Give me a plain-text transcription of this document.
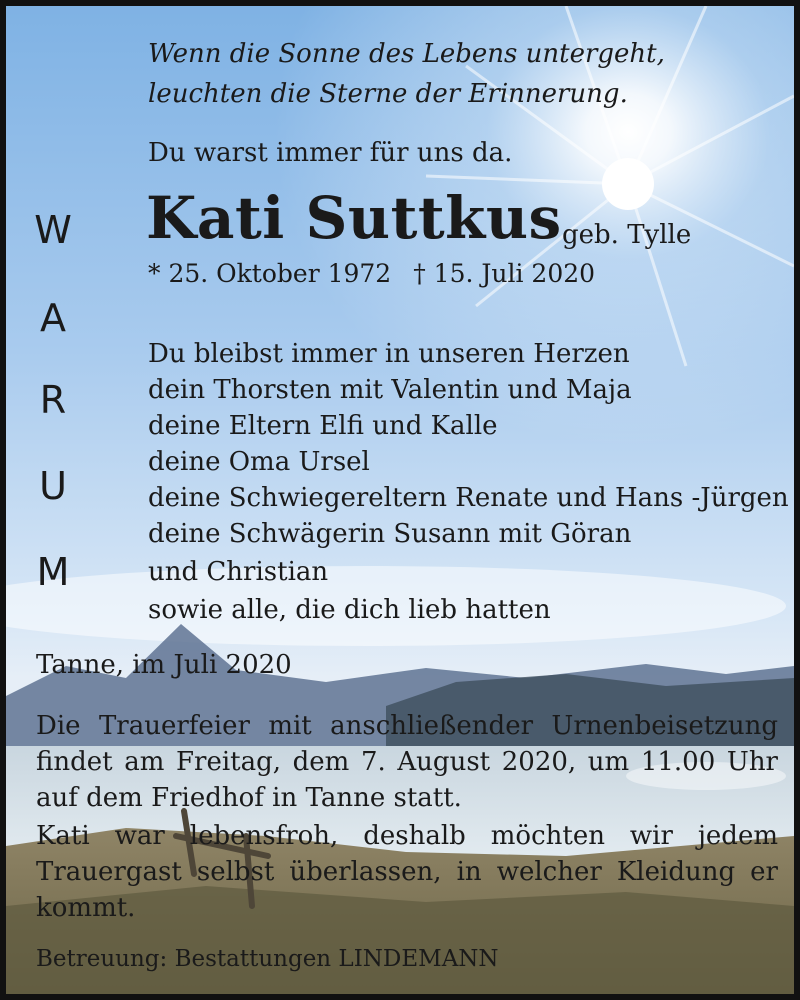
Wenn die Sonne des Lebens untergeht,
leuchten die Sterne der Erinnerung.
Du warst immer für uns da.
Kati Suttkus geb. Tylle
* 25. Oktober 1972 † 15. Juli 2020
W
A
R
U
M
Du bleibst immer in unseren Herzen
dein Thorsten mit Valentin und Maja
deine Eltern Elfi und Kalle
deine Oma Ursel
deine Schwiegereltern Renate und Hans -Jürgen
deine Schwägerin Susann mit Göran
und Christian
sowie alle, die dich lieb hatten
Tanne, im Juli 2020
Die Trauerfeier mit anschließender Urnenbeisetzung findet am Freitag, dem 7. August 2020, um 11.00 Uhr auf dem Friedhof in Tanne statt.
Kati war lebensfroh, deshalb möchten wir jedem Trauergast selbst überlassen, in welcher Kleidung er kommt.
Betreuung: Bestattungen LINDEMANN
